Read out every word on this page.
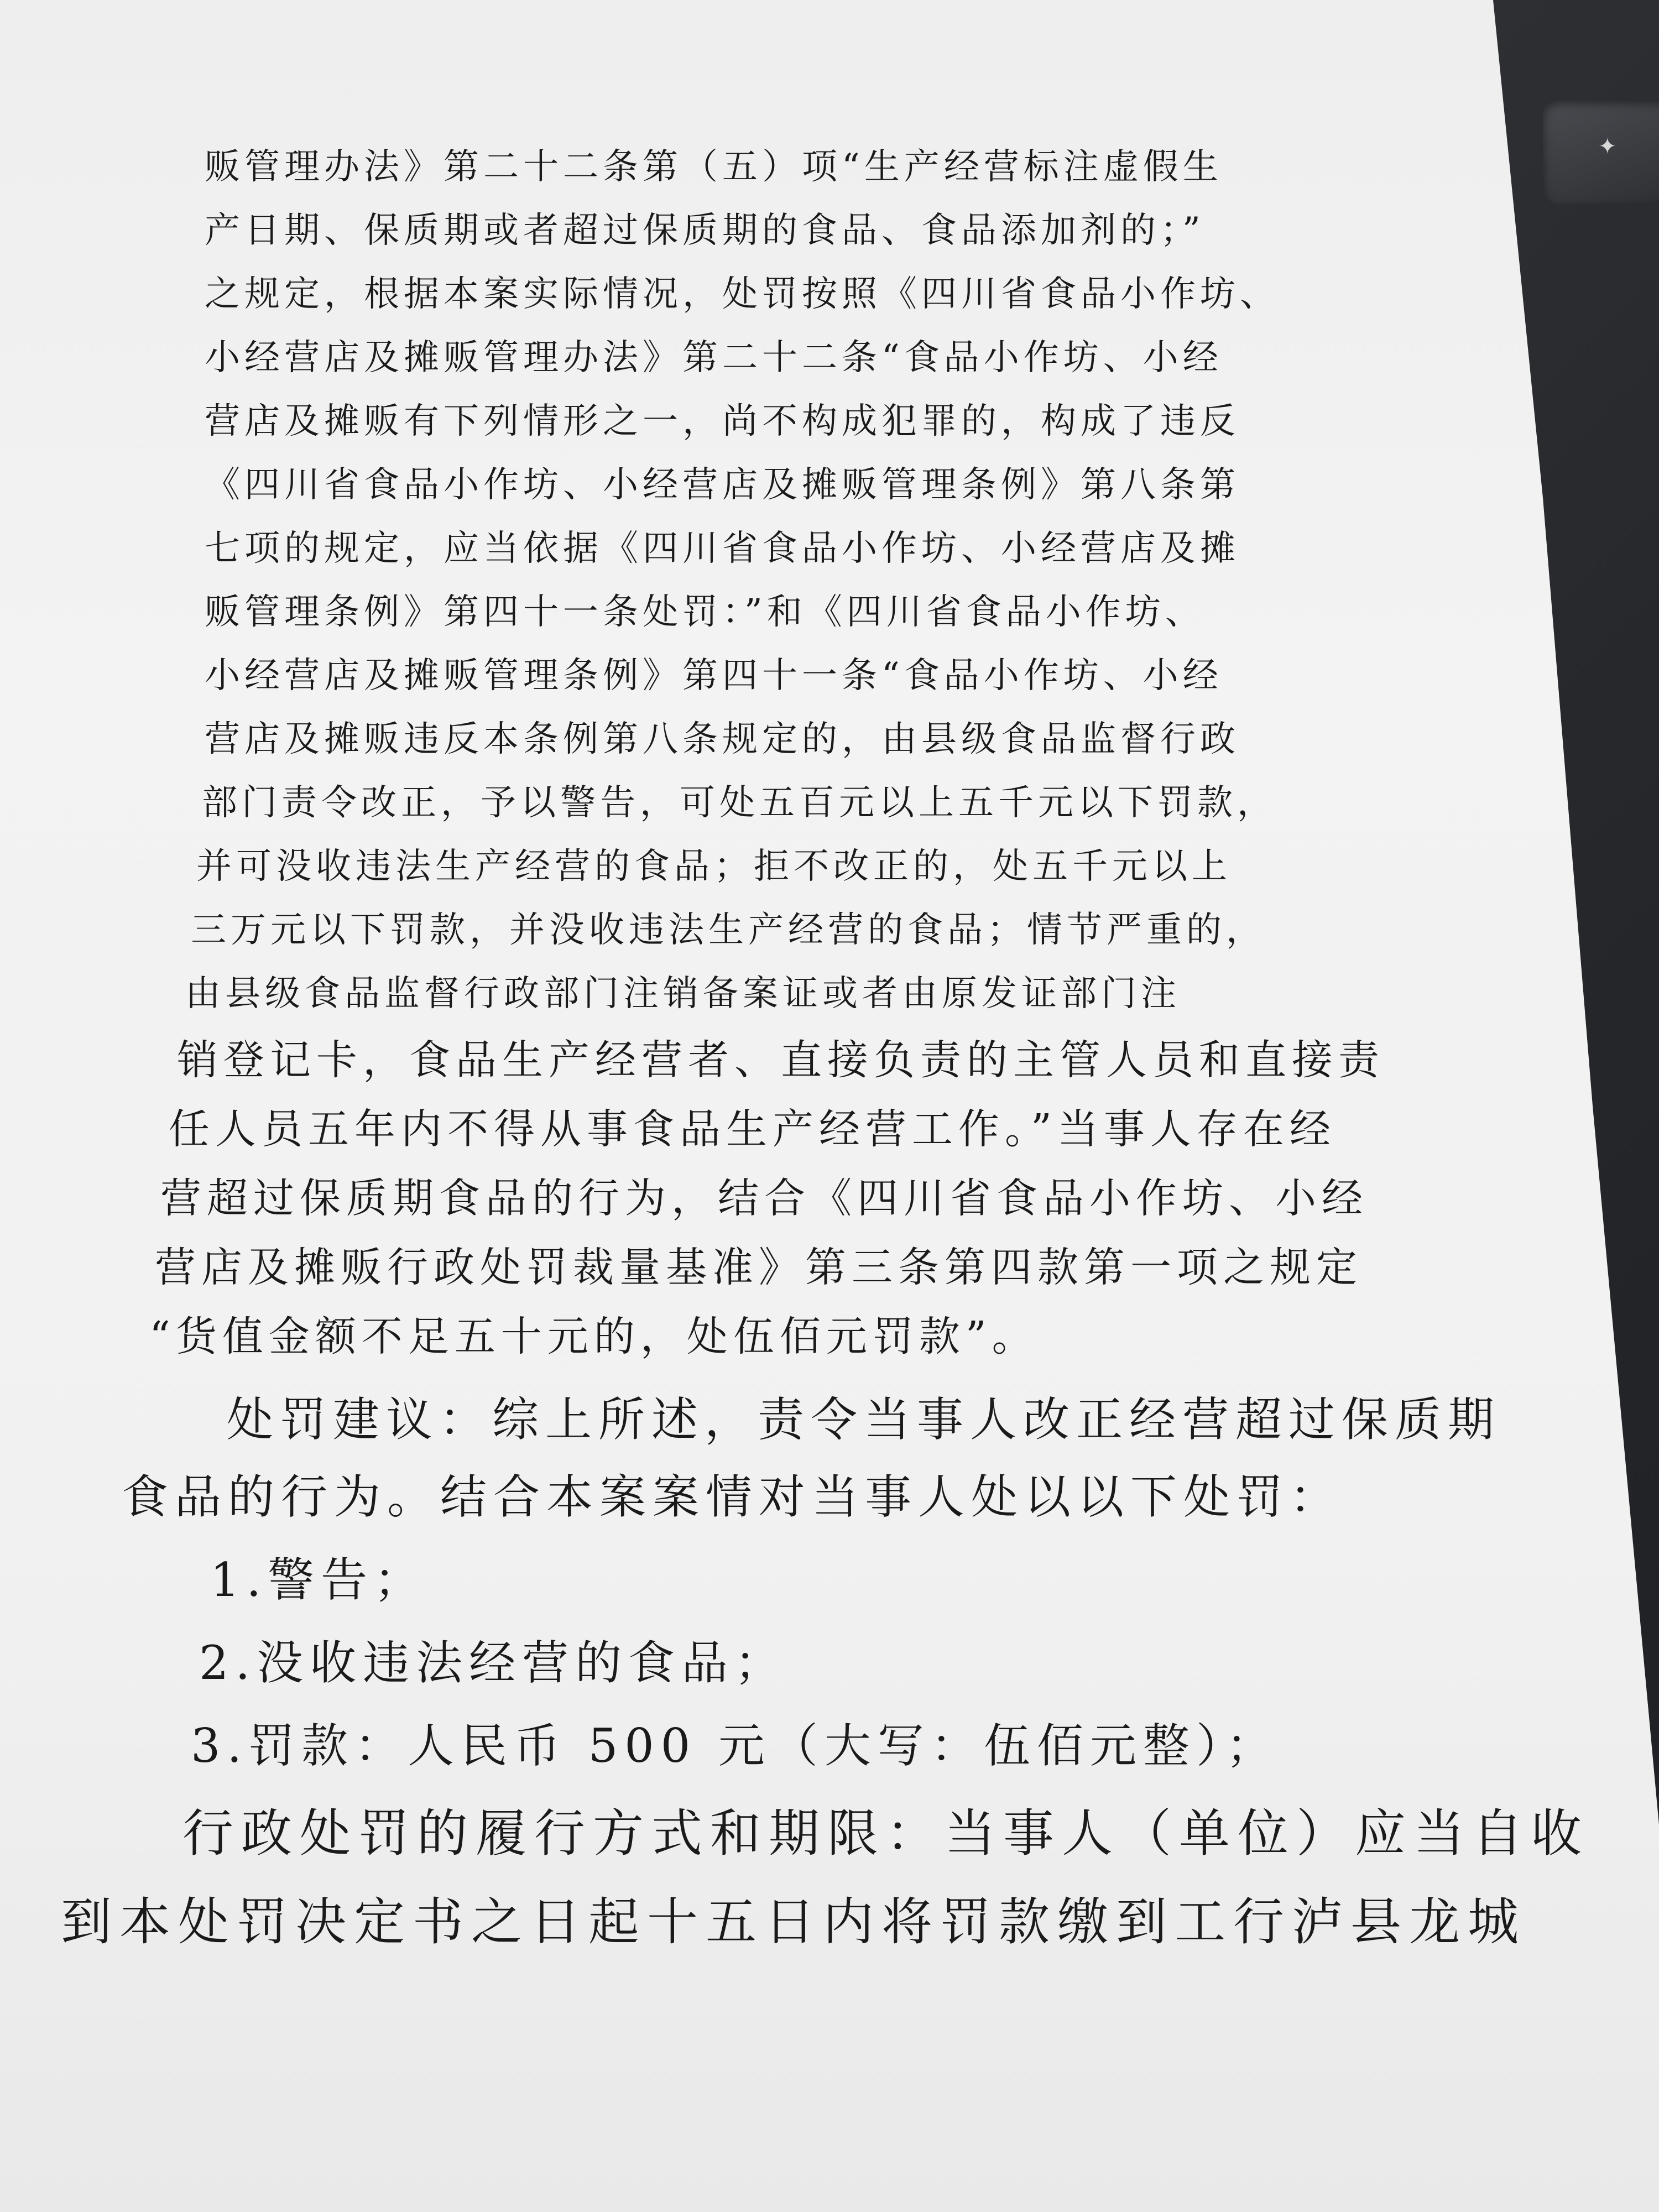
✦
贩管理办法》第二十二条第（五）项“生产经营标注虚假生
产日期、保质期或者超过保质期的食品、食品添加剂的；”
之规定，根据本案实际情况，处罚按照《四川省食品小作坊、
小经营店及摊贩管理办法》第二十二条“食品小作坊、小经
营店及摊贩有下列情形之一，尚不构成犯罪的，构成了违反
《四川省食品小作坊、小经营店及摊贩管理条例》第八条第
七项的规定，应当依据《四川省食品小作坊、小经营店及摊
贩管理条例》第四十一条处罚：”和《四川省食品小作坊、
小经营店及摊贩管理条例》第四十一条“食品小作坊、小经
营店及摊贩违反本条例第八条规定的，由县级食品监督行政
部门责令改正，予以警告，可处五百元以上五千元以下罚款，
并可没收违法生产经营的食品；拒不改正的，处五千元以上
三万元以下罚款，并没收违法生产经营的食品；情节严重的，
由县级食品监督行政部门注销备案证或者由原发证部门注
销登记卡，食品生产经营者、直接负责的主管人员和直接责
任人员五年内不得从事食品生产经营工作。”当事人存在经
营超过保质期食品的行为，结合《四川省食品小作坊、小经
营店及摊贩行政处罚裁量基准》第三条第四款第一项之规定
“货值金额不足五十元的，处伍佰元罚款”。
处罚建议：综上所述，责令当事人改正经营超过保质期
食品的行为。结合本案案情对当事人处以以下处罚：
1.警告；
2.没收违法经营的食品；
3.罚款：人民币 500 元（大写：伍佰元整）；
行政处罚的履行方式和期限：当事人（单位）应当自收
到本处罚决定书之日起十五日内将罚款缴到工行泸县龙城
